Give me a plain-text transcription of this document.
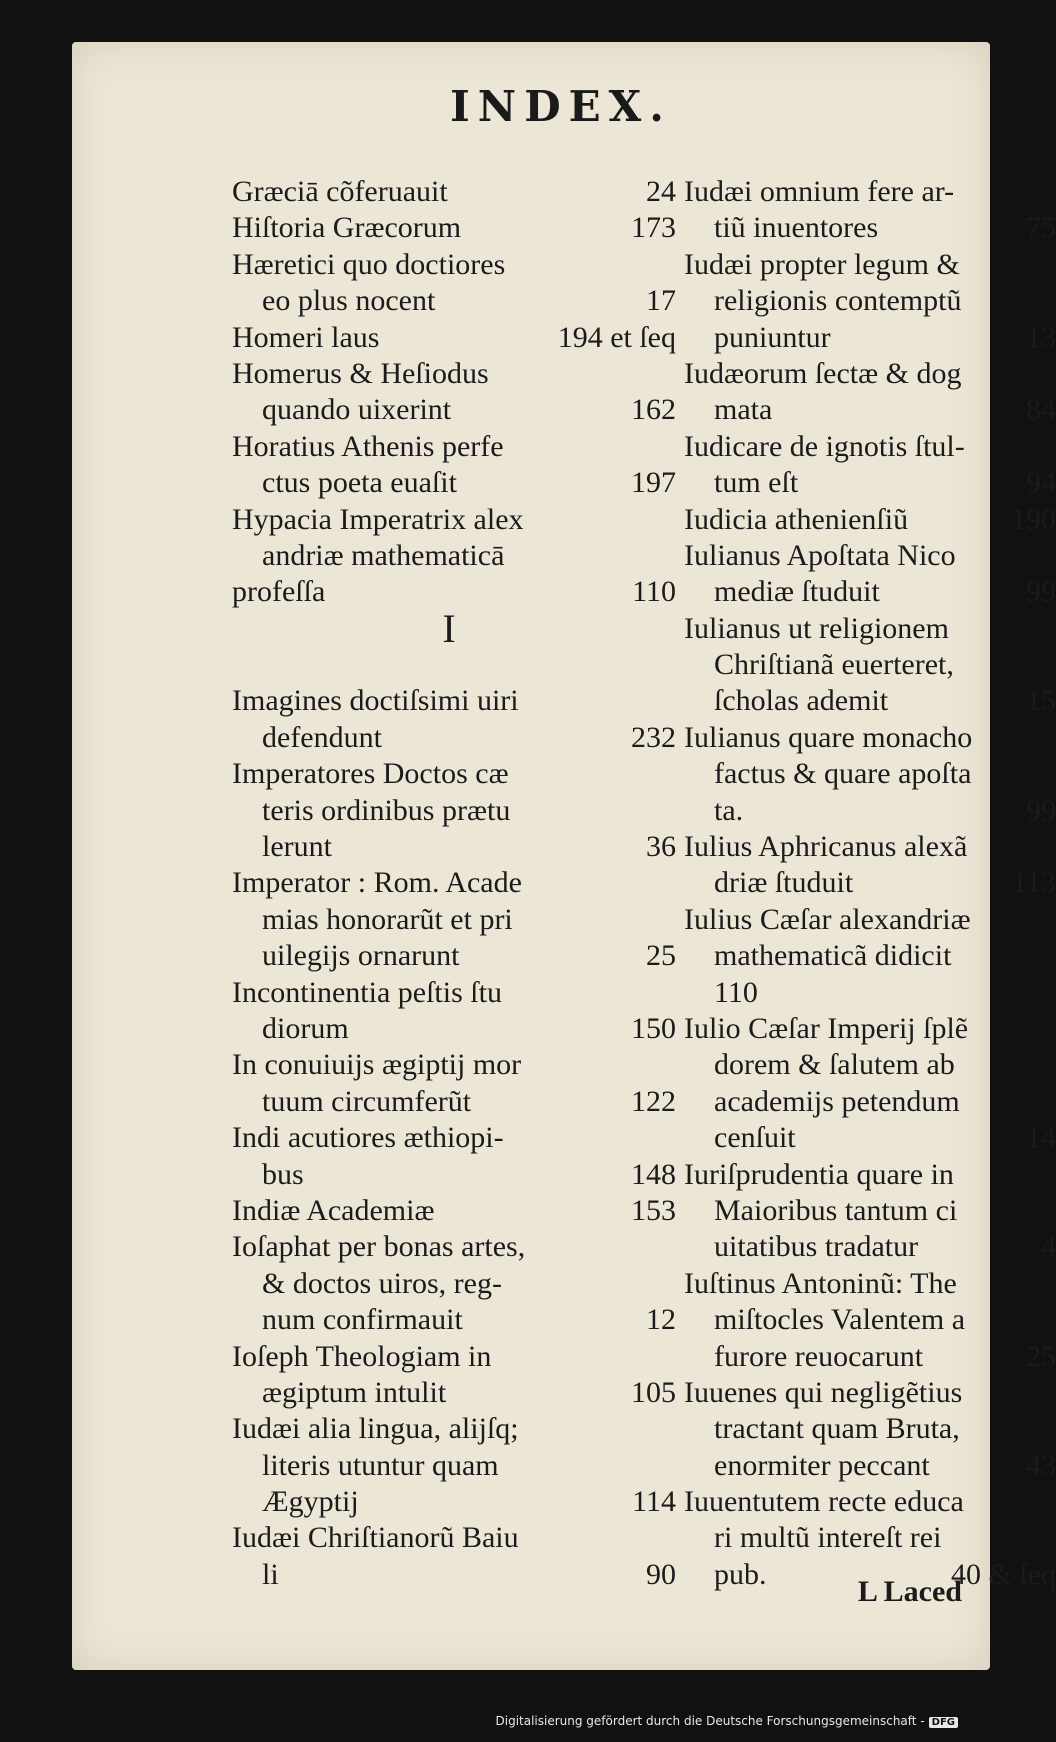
INDEX.
Græciā cõferuauit	24
Hiſtoria Græcorum	173
Hæretici quo doctiores
eo plus nocent	17
Homeri laus	194 et ſeq
Homerus & Heſiodus
quando uixerint	162
Horatius Athenis perfe
ctus poeta euaſit	197
Hypacia Imperatrix alex
andriæ mathematicā
profeſſa	110
I
Imagines doctiſsimi uiri
defendunt	232
Imperatores Doctos cæ
teris ordinibus prætu
lerunt	36
Imperator : Rom. Acade
mias honorarũt et pri
uilegijs ornarunt	25
Incontinentia peſtis ſtu
diorum	150
In conuiuijs ægiptij mor
tuum circumferũt	122
Indi acutiores æthiopi-
bus	148
Indiæ Academiæ	153
Ioſaphat per bonas artes,
& doctos uiros, reg-
num confirmauit	12
Ioſeph Theologiam in
ægiptum intulit	105
Iudæi alia lingua, alijſq;
literis utuntur quam
Ægyptij	114
Iudæi Chriſtianorũ Baiu
li	90
Iudæi omnium fere ar-
tiũ inuentores	75
Iudæi propter legum &
religionis contemptũ
puniuntur	13
Iudæorum ſectæ & dog
mata	84
Iudicare de ignotis ſtul-
tum eſt	94
Iudicia athenienſiũ	190
Iulianus Apoſtata Nico
mediæ ſtuduit	99
Iulianus ut religionem
Chriſtianã euerteret,
ſcholas ademit	15
Iulianus quare monacho
factus & quare apoſta
ta.	99
Iulius Aphricanus alexã
driæ ſtuduit	113
Iulius Cæſar alexandriæ
mathematicã didicit
110
Iulio Cæſar Imperij ſplẽ
dorem & ſalutem ab
academijs petendum
cenſuit	14
Iuriſprudentia quare in
Maioribus tantum ci
uitatibus tradatur	4
Iuſtinus Antoninũ: The
miſtocles Valentem a
furore reuocarunt	25
Iuuenes qui negligẽtius
tractant quam Bruta,
enormiter peccant	43
Iuuentutem recte educa
ri multũ intereſt rei
pub.	40 & ſeq
L Laced
Digitalisierung gefördert durch die Deutsche Forschungsgemeinschaft - DFG
